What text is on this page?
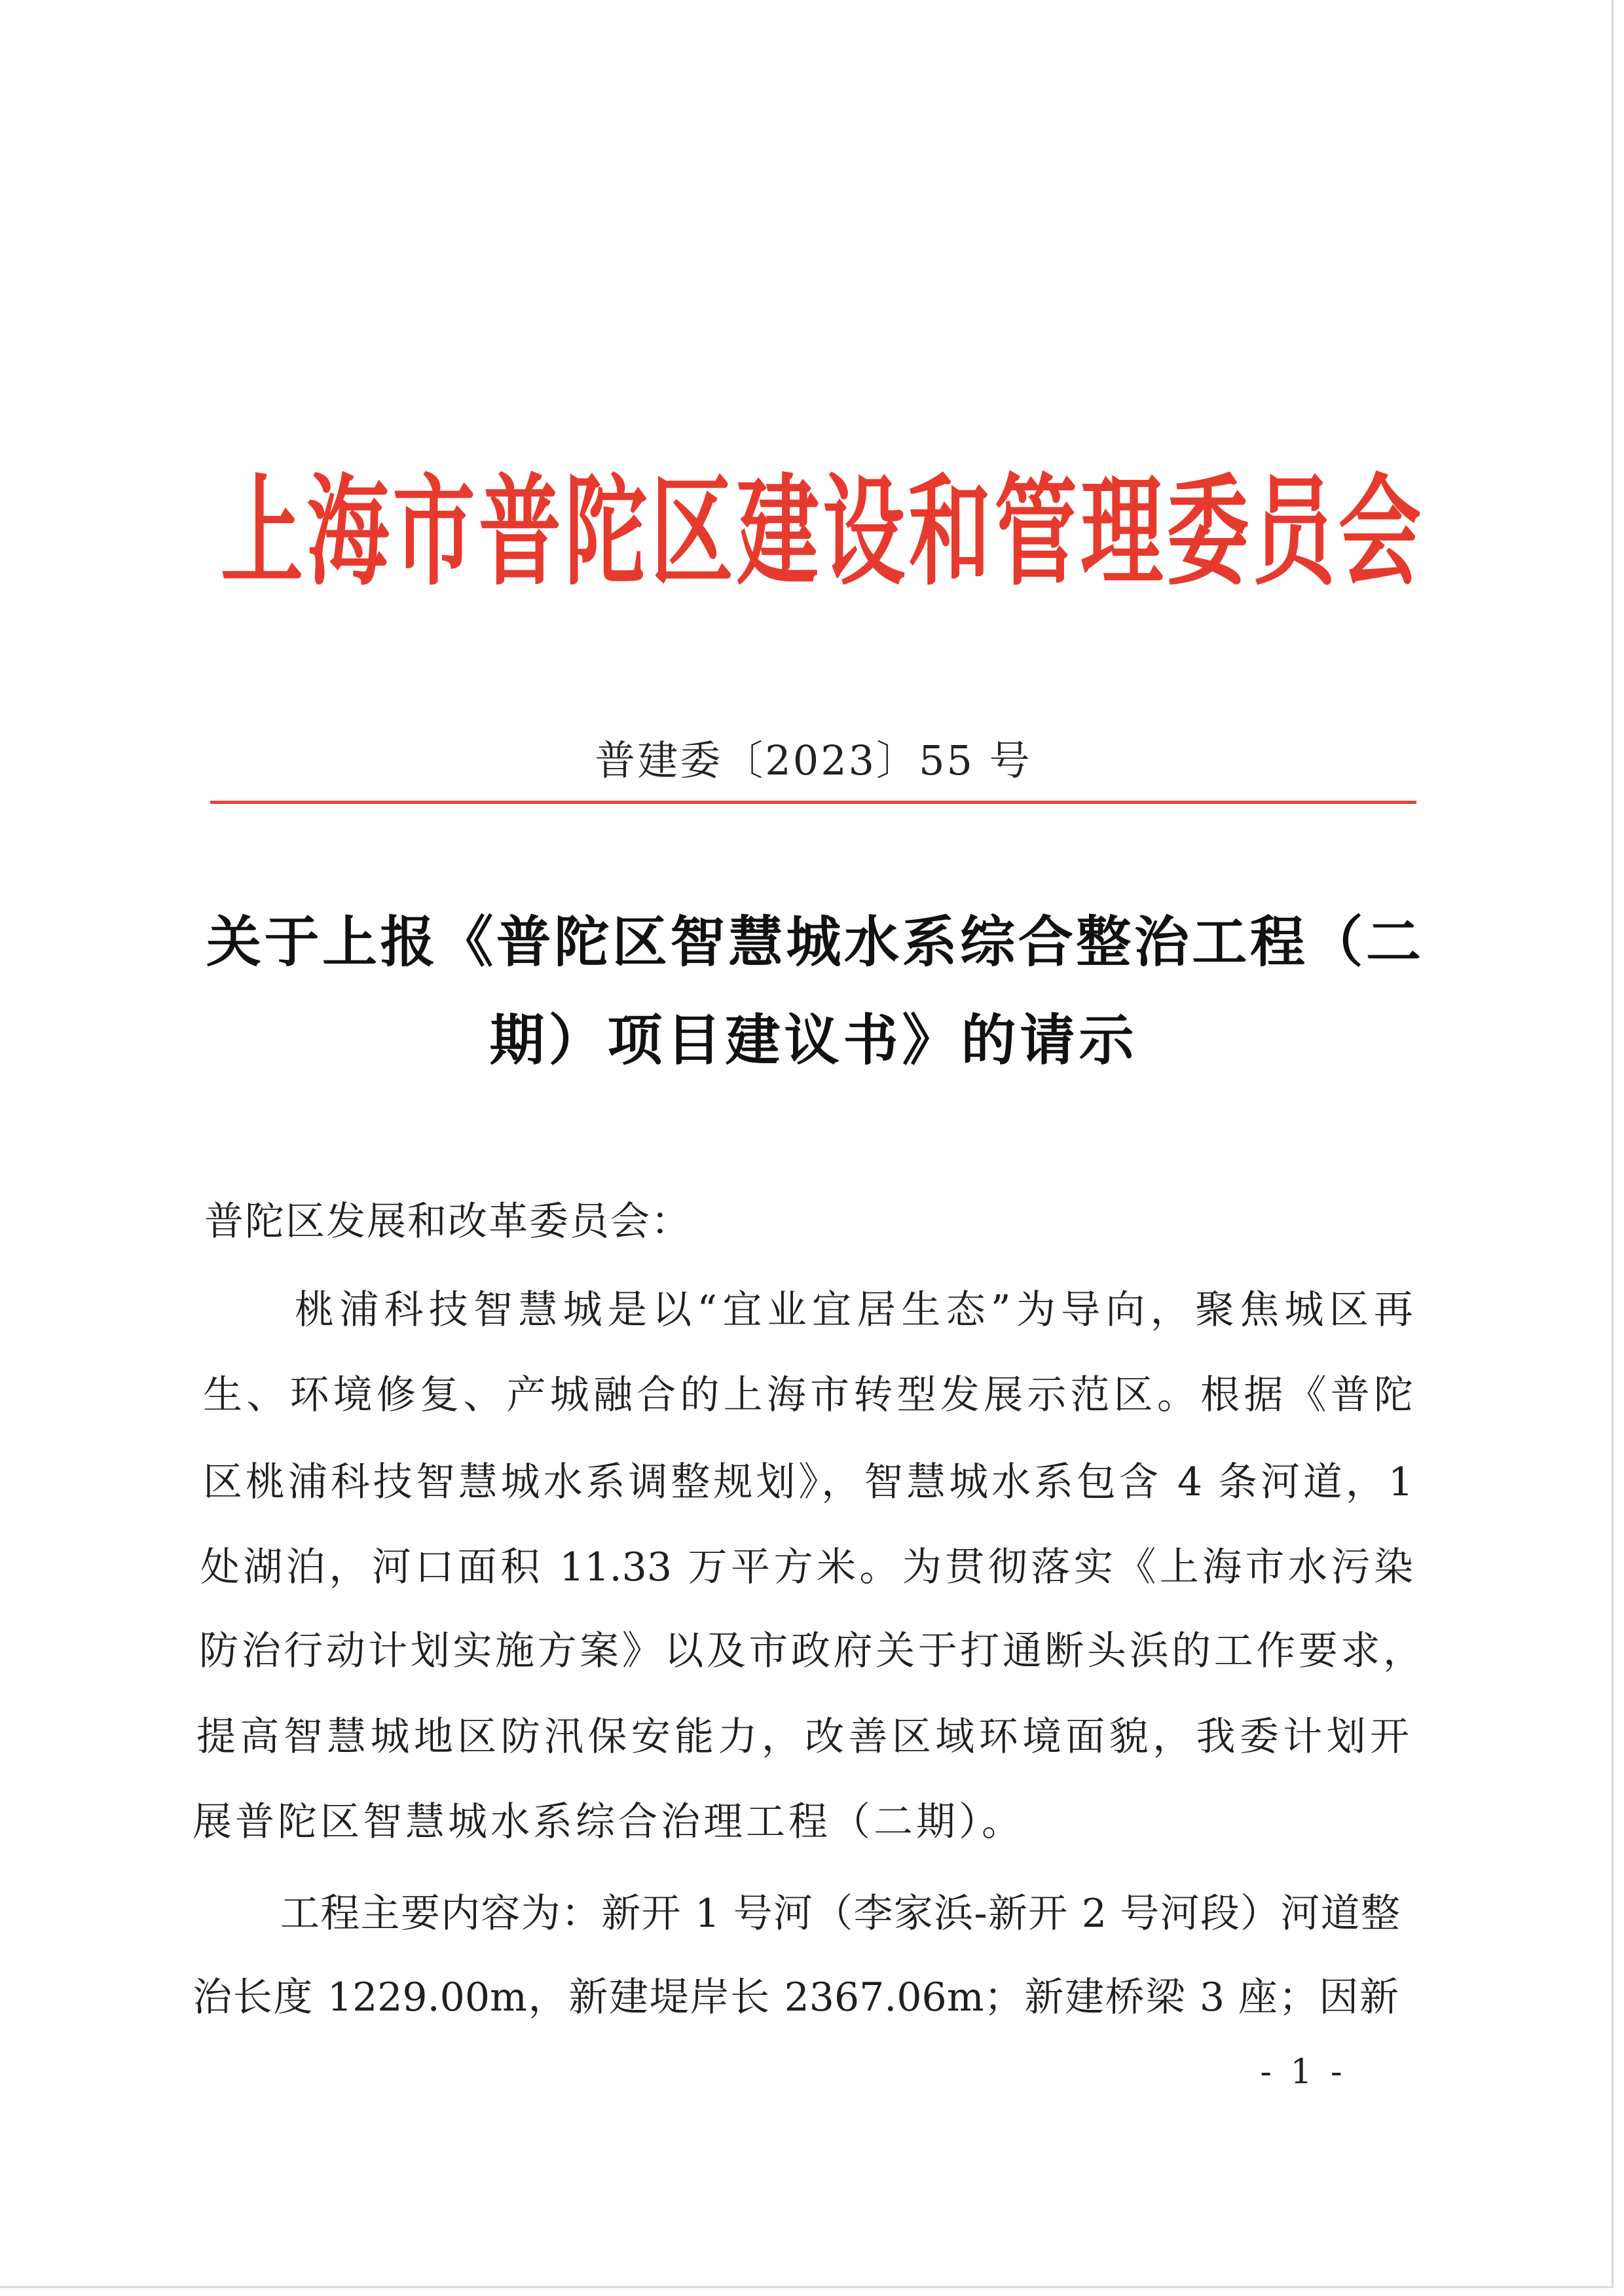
上海市普陀区建设和管理委员会
普建委〔2023〕55 号
关于上报《普陀区智慧城水系综合整治工程（二
期）项目建议书》的请示
普陀区发展和改革委员会：
桃浦科技智慧城是以“宜业宜居生态”为导向，聚焦城区再
生、环境修复、产城融合的上海市转型发展示范区。根据《普陀
区桃浦科技智慧城水系调整规划》，智慧城水系包含 4 条河道，1
处湖泊，河口面积 11.33 万平方米。为贯彻落实《上海市水污染
防治行动计划实施方案》以及市政府关于打通断头浜的工作要求，
提高智慧城地区防汛保安能力，改善区域环境面貌，我委计划开
展普陀区智慧城水系综合治理工程（二期）。
工程主要内容为：新开 1 号河（李家浜-新开 2 号河段）河道整
治长度 1229.00m，新建堤岸长 2367.06m；新建桥梁 3 座；因新
- 1 -
